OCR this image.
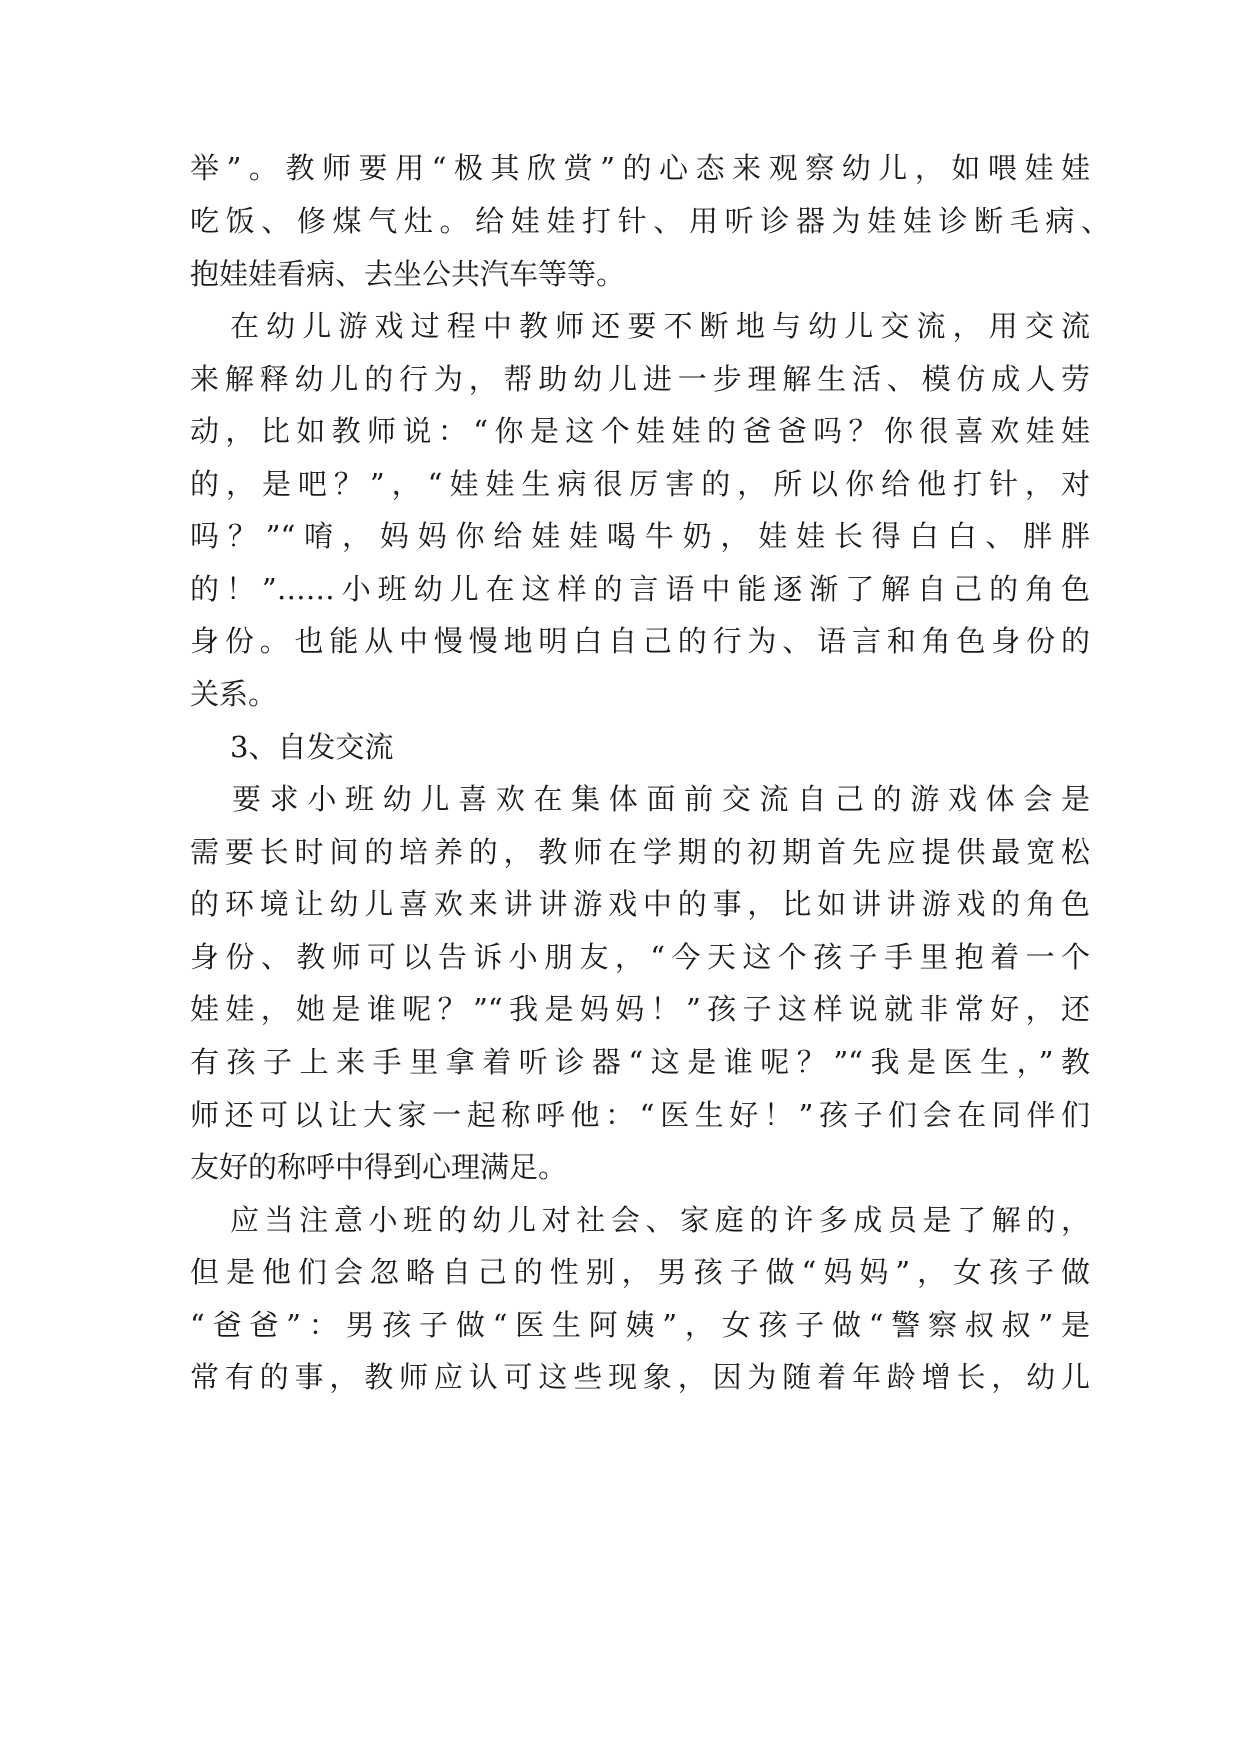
举”。教师要用“极其欣赏”的心态来观察幼儿，如喂娃娃
吃饭、修煤气灶。给娃娃打针、用听诊器为娃娃诊断毛病、
抱娃娃看病、去坐公共汽车等等。
在幼儿游戏过程中教师还要不断地与幼儿交流，用交流
来解释幼儿的行为，帮助幼儿进一步理解生活、模仿成人劳
动，比如教师说：“你是这个娃娃的爸爸吗？你很喜欢娃娃
的，是吧？”，“娃娃生病很厉害的，所以你给他打针，对
吗？”“唷，妈妈你给娃娃喝牛奶，娃娃长得白白、胖胖
的！”……小班幼儿在这样的言语中能逐渐了解自己的角色
身份。也能从中慢慢地明白自己的行为、语言和角色身份的
关系。
3、自发交流
要求小班幼儿喜欢在集体面前交流自己的游戏体会是
需要长时间的培养的，教师在学期的初期首先应提供最宽松
的环境让幼儿喜欢来讲讲游戏中的事，比如讲讲游戏的角色
身份、教师可以告诉小朋友，“今天这个孩子手里抱着一个
娃娃，她是谁呢？”“我是妈妈！”孩子这样说就非常好，还
有孩子上来手里拿着听诊器“这是谁呢？”“我是医生，”教
师还可以让大家一起称呼他：“医生好！”孩子们会在同伴们
友好的称呼中得到心理满足。
应当注意小班的幼儿对社会、家庭的许多成员是了解的，
但是他们会忽略自己的性别，男孩子做“妈妈”，女孩子做
“爸爸”：男孩子做“医生阿姨”，女孩子做“警察叔叔”是
常有的事，教师应认可这些现象，因为随着年龄增长，幼儿
